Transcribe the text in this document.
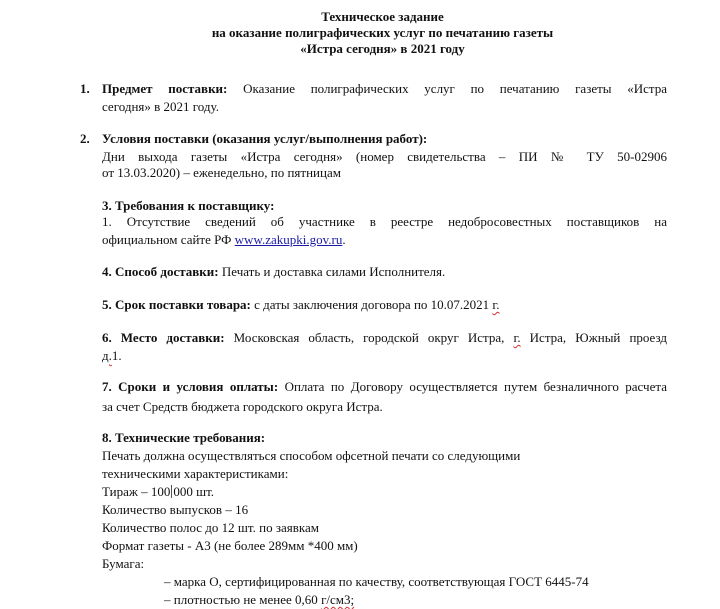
Техническое задание
на оказание полиграфических услуг по печатанию газеты
«Истра сегодня» в 2021 году
1. Предмет поставки: Оказание полиграфических услуг по печатанию газеты «Истра
сегодня» в 2021 году.
2. Условия поставки (оказания услуг/выполнения работ):
Дни выхода газеты «Истра сегодня» (номер свидетельства – ПИ № ТУ 50-02906
от 13.03.2020) – еженедельно, по пятницам
3. Требования к поставщику:
1. Отсутствие сведений об участнике в реестре недобросовестных поставщиков на
официальном сайте РФ www.zakupki.gov.ru.
4. Способ доставки: Печать и доставка силами Исполнителя.
5. Срок поставки товара: с даты заключения договора по 10.07.2021 г.
6. Место доставки: Московская область, городской округ Истра, г. Истра, Южный проезд
д.1.
7. Сроки и условия оплаты: Оплата по Договору осуществляется путем безналичного расчета
за счет Средств бюджета городского округа Истра.
8. Технические требования:
Печать должна осуществляться способом офсетной печати со следующими
техническими характеристиками:
Тираж – 100 000 шт.
Количество выпусков – 16
Количество полос до 12 шт. по заявкам
Формат газеты - А3 (не более 289мм *400 мм)
Бумага:
– марка О, сертифицированная по качеству, соответствующая ГОСТ 6445-74
– плотностью не менее 0,60 г/см3;
